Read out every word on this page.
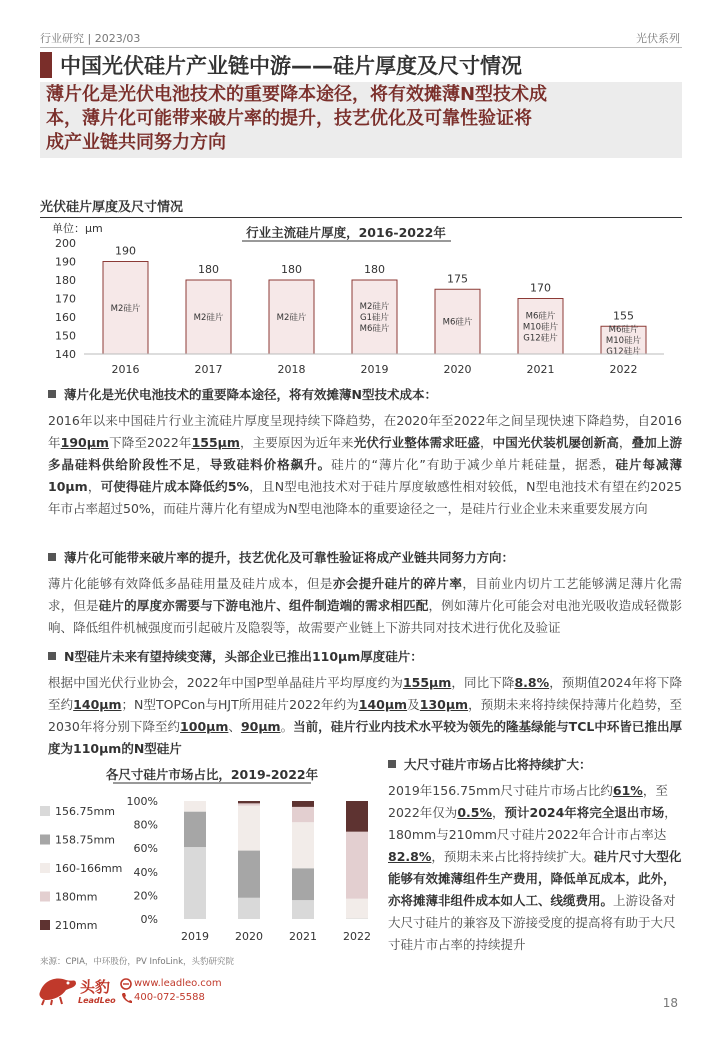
行业研究 | 2023/03	光伏系列
中国光伏硅片产业链中游——硅片厚度及尺寸情况

薄片化是光伏电池技术的重要降本途径，将有效摊薄N型技术成

本，薄片化可能带来破片率的提升，技艺优化及可靠性验证将

成产业链共同努力方向

光伏硅片厚度及尺寸情况
行业主流硅片厚度，2016-2022年
单位：μm
140
150
160
170
180
190
200
190
M2硅片
180
M2硅片
180
M2硅片
180
M2硅片
G1硅片
M6硅片
175
M6硅片
170
M6硅片
M10硅片
G12硅片
155
M6硅片
M10硅片
G12硅片
2016	2017	2018	2019	2020	2021	2022
薄片化是光伏电池技术的重要降本途径，将有效摊薄N型技术成本：
2016年以来中国硅片行业主流硅片厚度呈现持续下降趋势，在2020年至2022年之间呈现快速下降趋势，自2016年190μm下降至2022年155μm，主要原因为近年来光伏行业整体需求旺盛，中国光伏装机屡创新高，叠加上游多晶硅料供给阶段性不足，导致硅料价格飙升。硅片的“薄片化”有助于减少单片耗硅量，据悉，硅片每减薄10μm，可使得硅片成本降低约5%，且N型电池技术对于硅片厚度敏感性相对较低，N型电池技术有望在约2025年市占率超过50%，而硅片薄片化有望成为N型电池降本的重要途径之一，是硅片行业企业未来重要发展方向
薄片化可能带来破片率的提升，技艺优化及可靠性验证将成产业链共同努力方向：
薄片化能够有效降低多晶硅用量及硅片成本，但是亦会提升硅片的碎片率，目前业内切片工艺能够满足薄片化需求，但是硅片的厚度亦需要与下游电池片、组件制造端的需求相匹配，例如薄片化可能会对电池光吸收造成轻微影响、降低组件机械强度而引起破片及隐裂等，故需要产业链上下游共同对技术进行优化及验证
N型硅片未来有望持续变薄，头部企业已推出110μm厚度硅片：
根据中国光伏行业协会，2022年中国P型单晶硅片平均厚度约为155μm，同比下降8.8%，预期值2024年将下降至约140μm；N型TOPCon与HJT所用硅片2022年约为140μm及130μm，预期未来将持续保持薄片化趋势，至2030年将分别下降至约100μm、90μm。当前，硅片行业内技术水平较为领先的隆基绿能与TCL中环皆已推出厚度为110μm的N型硅片
各尺寸硅片市场占比，2019-2022年
156.75mm
158.75mm
160-166mm
180mm
210mm	0%
20%
40%
60%
80%
100%
2019 2020 2021 2022
大尺寸硅片市场占比将持续扩大：
2019年156.75mm尺寸硅片市场占比约61%，至2022年仅为0.5%，预计2024年将完全退出市场，180mm与210mm尺寸硅片2022年合计市占率达82.8%，预期未来占比将持续扩大。硅片尺寸大型化能够有效摊薄组件生产费用，降低单瓦成本，此外，亦将摊薄非组件成本如人工、线缆费用。上游设备对大尺寸硅片的兼容及下游接受度的提高将有助于大尺寸硅片市占率的持续提升
来源：CPIA，中环股份，PV InfoLink，头豹研究院
头豹
LeadLeo
www.leadleo.com
400-072-5588	18
